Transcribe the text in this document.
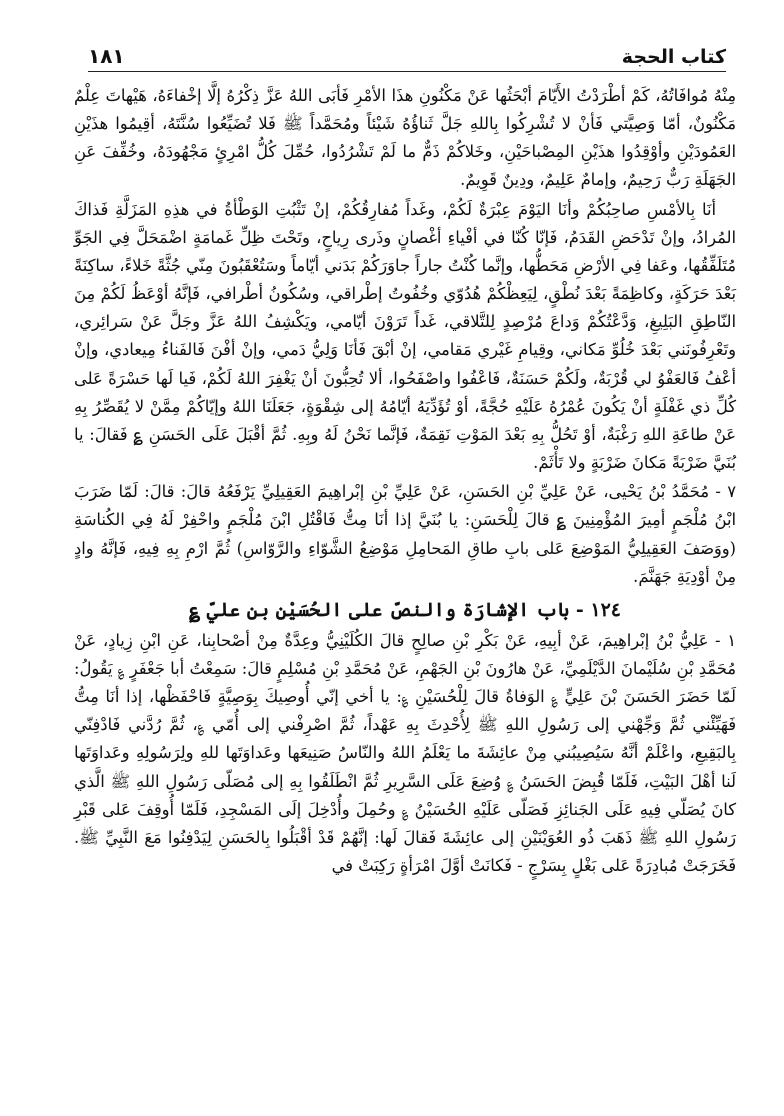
كتاب الحجة
١٨١

مِنْهُ مُوافَاتُهُ، كَمْ أطْرَدْتُ الأَيّامَ أبْحَثُها عَنْ مَكْنُونِ هذَا الأمْرِ فَأبَى اللهُ عَزَّ ذِكْرُهُ إلَّا إخْفاءَهُ، هَيْهاتَ عِلْمٌ مَكْنُونٌ، أمّا وَصِيَّتي فَأنْ لا تُشْرِكُوا بِاللهِ جَلَّ ثَناؤُهُ شَيْئاً ومُحَمَّداً ﷺ فَلا تُضَيِّعُوا سُنَّتَهُ، أقِيمُوا هذَيْنِ العَمُودَيْنِ وأوْقِدُوا هذَيْنِ المِصْباحَيْنِ، وخَلاكُمْ ذَمٌّ ما لَمْ تَشْرُدُوا، حُمِّلَ كُلُّ امْرِئٍ مَجْهُودَهُ، وخُفِّفَ عَنِ الجَهَلَةِ رَبٌّ رَحِيمٌ، وإمامٌ عَلِيمٌ، ودِينٌ قَوِيمٌ.

أنَا بِالأمْسِ صاحِبُكُمْ وأنَا اليَوْمَ عِبْرَةٌ لَكُمْ، وغَداً مُفارِقُكُمْ، إنْ تَثْبُتِ الوَطْأةُ في هذِهِ المَزَلَّةِ فَذاكَ المُرادُ، وإنْ تَدْحَضِ القَدَمُ، فَإنّا كُنّا في أفْياءِ أغْصانٍ وذَرى رِياحٍ، وتَحْتَ ظِلِّ غَمامَةٍ اضْمَحَلَّ فِي الجَوِّ مُتَلَفِّقُها، وعَفا فِي الأرْضِ مَحَطُّها، وإنَّما كُنْتُ جاراً جاوَرَكُمْ بَدَني أيّاماً وسَتُعْقَبُونَ مِنّي جُثَّةً خَلاءً، ساكِنَةً بَعْدَ حَرَكَةٍ، وكاظِمَةً بَعْدَ نُطْقٍ، لِيَعِظْكُمْ هُدُوّي وخُفُوتُ إطْراقي، وسُكُونُ أطْرافي، فَإنَّهُ أوْعَظُ لَكُمْ مِنَ النّاطِقِ البَلِيغِ، وَدَّعْتُكُمْ وَداعَ مُرْصِدٍ لِلتَّلاقي، غَداً تَرَوْنَ أيّامي، ويَكْشِفُ اللهُ عَزَّ وجَلَّ عَنْ سَرائِري، وتَعْرِفُونَني بَعْدَ خُلُوِّ مَكاني، وقِيامِ غَيْري مَقامي، إنْ أبْقَ فَأنَا وَلِيُّ دَمي، وإنْ أفْنَ فَالفَناءُ مِيعادي، وإنْ أعْفُ فَالعَفْوُ لي قُرْبَةٌ، ولَكُمْ حَسَنَةٌ، فَاعْفُوا واصْفَحُوا، ألا تُحِبُّونَ أنْ يَغْفِرَ اللهُ لَكُمْ، فَيا لَها حَسْرَةً عَلى كُلِّ ذي غَفْلَةٍ أنْ يَكُونَ عُمْرُهُ عَلَيْهِ حُجَّةً، أوْ تُؤَدِّيَهُ أيّامُهُ إلى شِقْوَةٍ، جَعَلَنَا اللهُ وإيّاكُمْ مِمَّنْ لا يُقَصِّرُ بِهِ عَنْ طاعَةِ اللهِ رَغْبَةٌ، أوْ تَحُلُّ بِهِ بَعْدَ المَوْتِ نَقِمَةٌ، فَإنَّما نَحْنُ لَهُ وبِهِ. ثُمَّ أقْبَلَ عَلَى الحَسَنِ ؏ فَقالَ: يا بُنَيَّ ضَرْبَةً مَكانَ ضَرْبَةٍ ولا تَأْثَمْ.

٧ - مُحَمَّدُ بْنُ يَحْيى، عَنْ عَلِيِّ بْنِ الحَسَنِ، عَنْ عَلِيِّ بْنِ إبْراهِيمَ العَقِيلِيِّ يَرْفَعُهُ قالَ: قالَ: لَمّا ضَرَبَ ابْنُ مُلْجَمٍ أمِيرَ المُؤْمِنِينَ ؏ قالَ لِلْحَسَنِ: يا بُنَيَّ إذا أنَا مِتُّ فَاقْتُلِ ابْنَ مُلْجَمٍ واحْفِرْ لَهُ فِي الكُناسَةِ (ووَصَفَ العَقِيلِيُّ المَوْضِعَ عَلى بابِ طاقِ المَحامِلِ مَوْضِعُ الشَّوّاءِ والرَّوّاسِ) ثُمَّ ارْمِ بِهِ فِيهِ، فَإنَّهُ وادٍ مِنْ أوْدِيَةِ جَهَنَّمَ.

١٢٤ - باب الإشارَة والنصّ على الحُسَيْن بن عليّ ؏

١ - عَلِيُّ بْنُ إبْراهِيمَ، عَنْ أبِيهِ، عَنْ بَكْرِ بْنِ صالِحٍ قالَ الكُلَيْنِيُّ وعِدَّةٌ مِنْ أصْحابِنا، عَنِ ابْنِ زِيادٍ، عَنْ مُحَمَّدِ بْنِ سُلَيْمانَ الدَّيْلَمِيِّ، عَنْ هارُونَ بْنِ الجَهْمِ، عَنْ مُحَمَّدِ بْنِ مُسْلِمٍ قالَ: سَمِعْتُ أبا جَعْفَرٍ ؏ يَقُولُ: لَمّا حَضَرَ الحَسَنَ بْنَ عَلِيٍّ ؏ الوَفاةُ قالَ لِلْحُسَيْنِ ؏: يا أخي إنّي أُوصِيكَ بِوَصِيَّةٍ فَاحْفَظْها، إذا أنَا مِتُّ فَهَيِّئْني ثُمَّ وَجِّهْني إلى رَسُولِ اللهِ ﷺ لِأُحْدِثَ بِهِ عَهْداً، ثُمَّ اصْرِفْني إلى أُمّي ؏، ثُمَّ رُدَّني فَادْفِنّي بِالبَقِيعِ، واعْلَمْ أنَّهُ سَيُصِيبُني مِنْ عائِشَةَ ما يَعْلَمُ اللهُ والنّاسُ صَنِيعَها وعَداوَتَها للهِ ولِرَسُولِهِ وعَداوَتَها لَنا أهْلَ البَيْتِ، فَلَمّا قُبِضَ الحَسَنُ ؏ وُضِعَ عَلَى السَّرِيرِ ثُمَّ انْطَلَقُوا بِهِ إلى مُصَلّى رَسُولِ اللهِ ﷺ الَّذي كانَ يُصَلّي فِيهِ عَلَى الجَنائِزِ فَصَلّى عَلَيْهِ الحُسَيْنُ ؏ وحُمِلَ وأُدْخِلَ إلَى المَسْجِدِ، فَلَمّا أُوقِفَ عَلى قَبْرِ رَسُولِ اللهِ ﷺ ذَهَبَ ذُو العُوَيْنَيْنِ إلى عائِشَةَ فَقالَ لَها: إنَّهُمْ قَدْ أقْبَلُوا بِالحَسَنِ لِيَدْفِنُوا مَعَ النَّبِيِّ ﷺ. فَخَرَجَتْ مُبادِرَةً عَلى بَغْلٍ بِسَرْجٍ - فَكانَتْ أوَّلَ امْرَأةٍ رَكِبَتْ في
